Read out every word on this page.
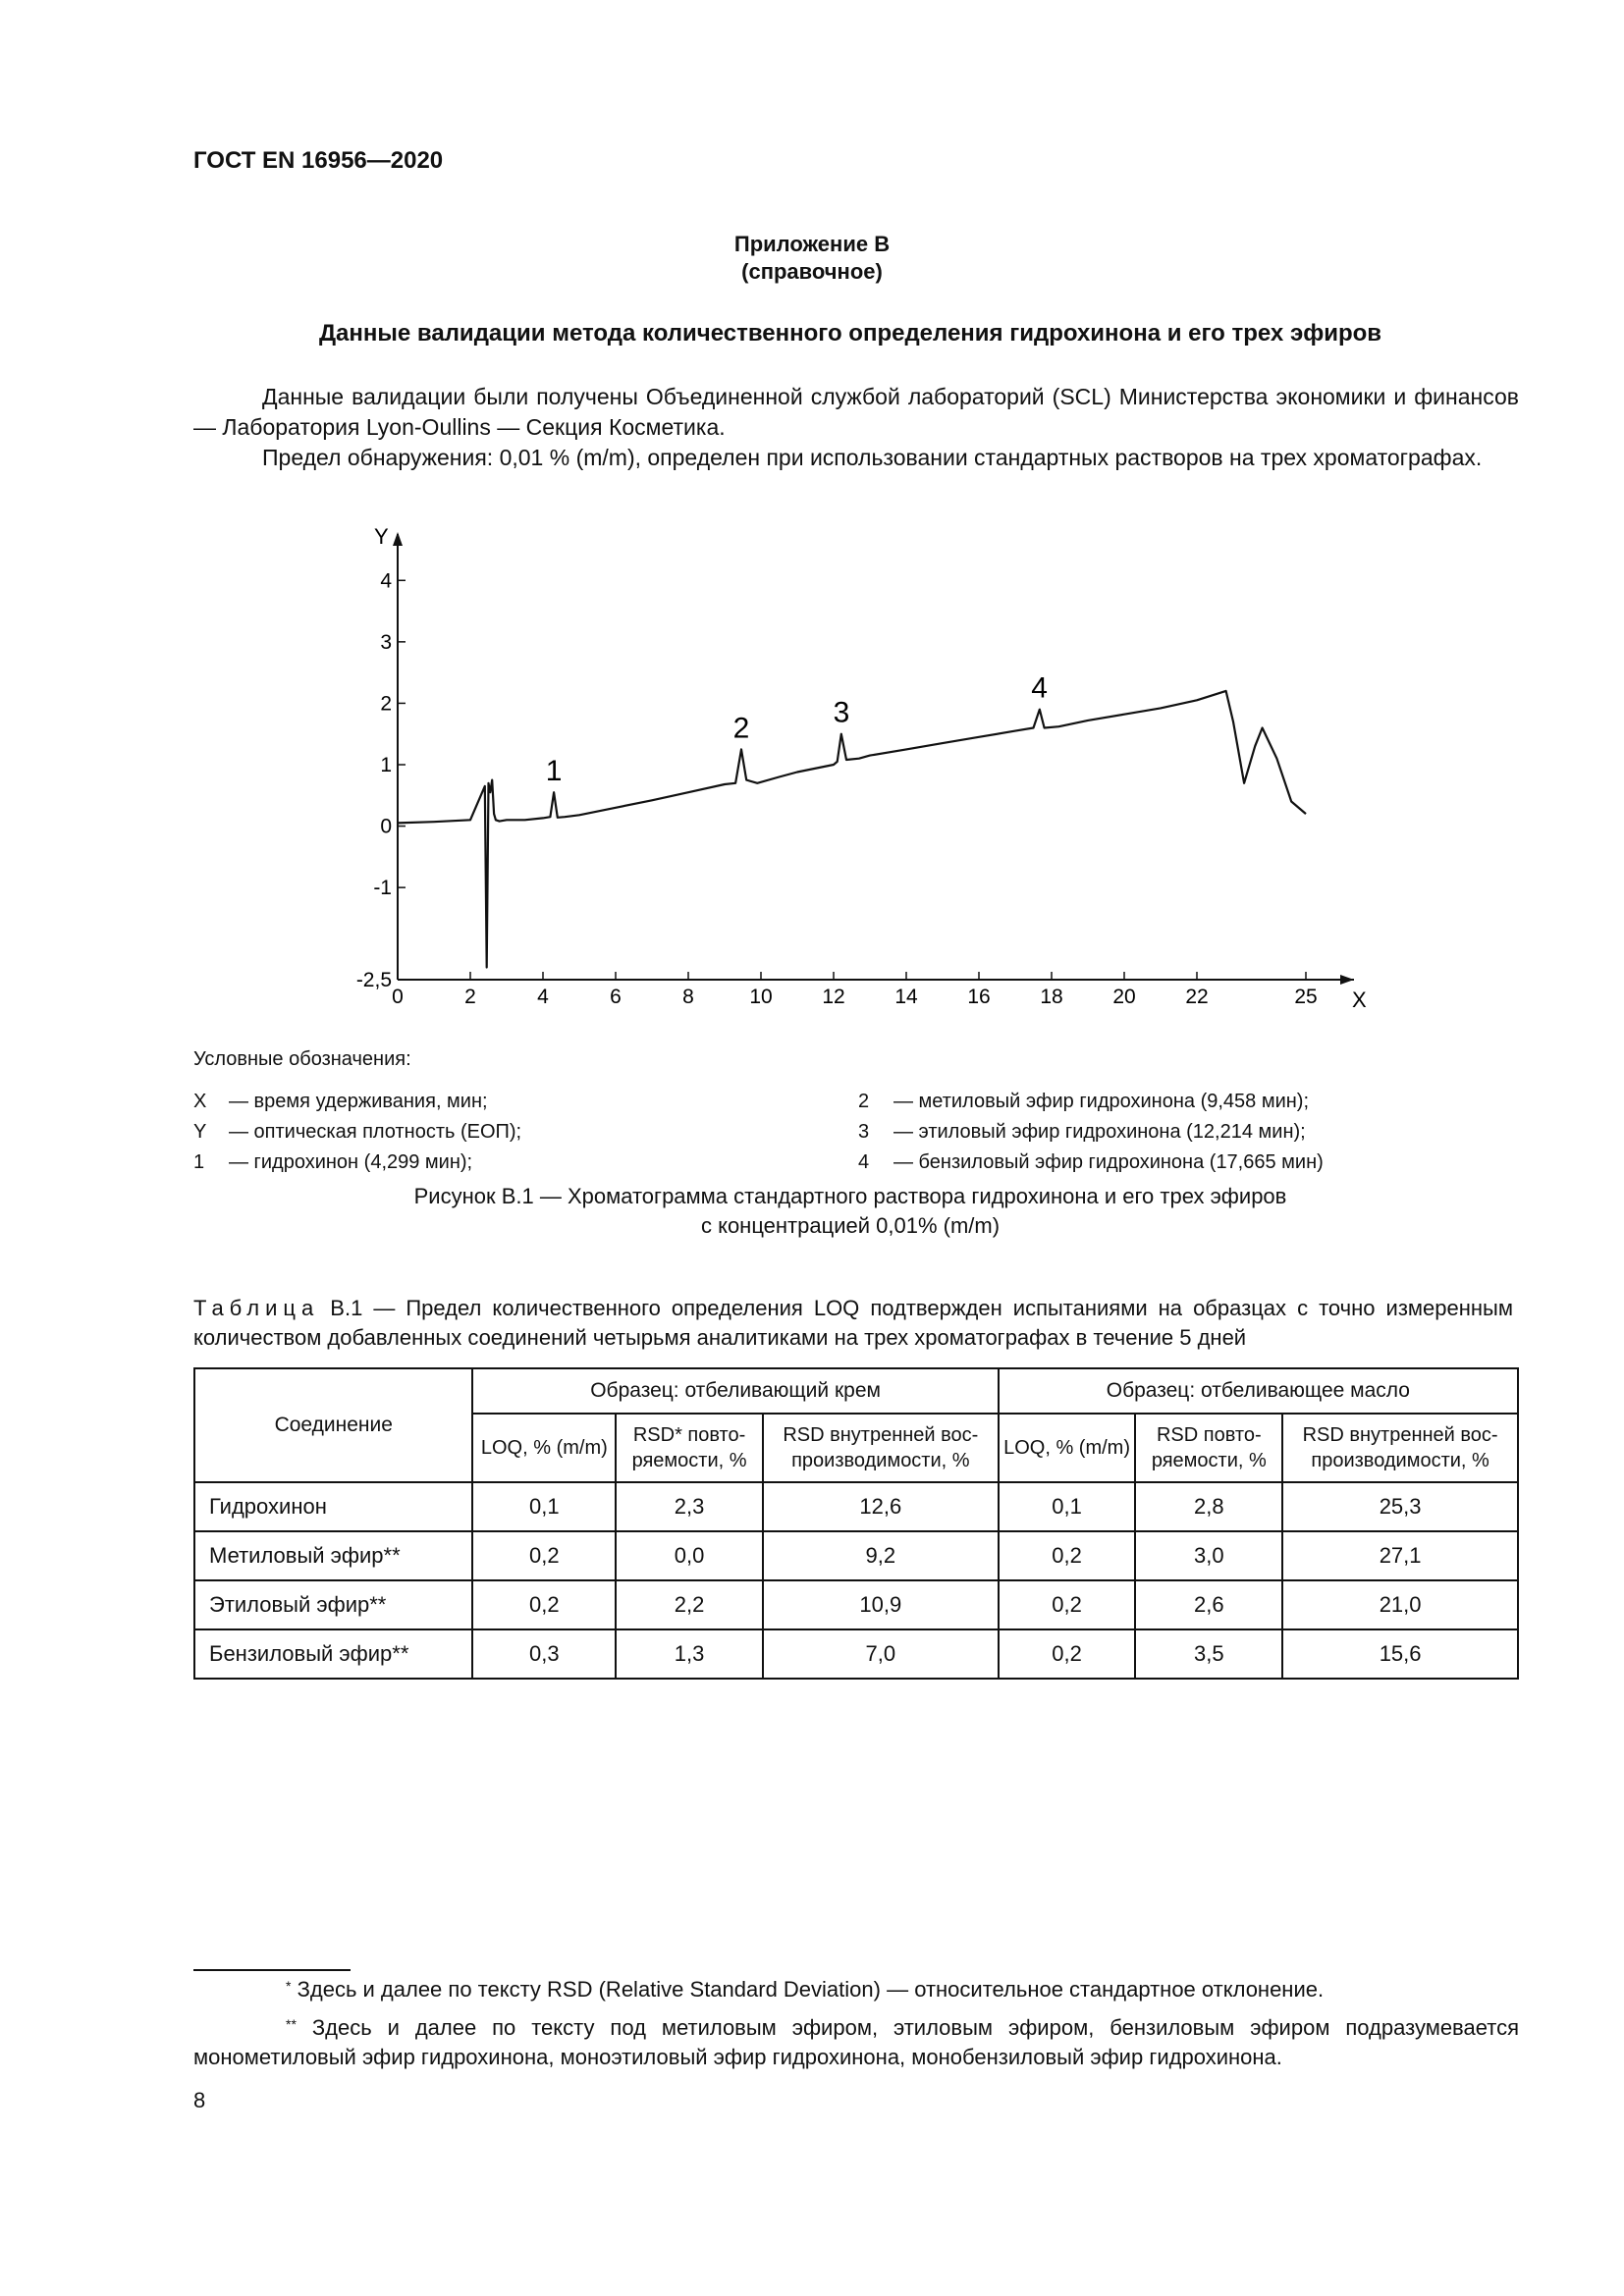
ГОСТ EN 16956—2020
Приложение В
(справочное)
Данные валидации метода количественного определения гидрохинона и его трех эфиров
Данные валидации были получены Объединенной службой лабораторий (SCL) Министерства экономики и финансов — Лаборатория Lyon-Oullins — Секция Косметика.
Предел обнаружения: 0,01 % (m/m), определен при использовании стандартных растворов на трех хроматографах.
X
Y
0	2	4	6	8	10 12 14 16 18 20 22	25
4
3
2
1
0
-1
-2,5
1
2	3
4
Условные обозначения:
X — время удерживания, мин;
Y — оптическая плотность (ЕОП);
1 — гидрохинон (4,299 мин);
2 — метиловый эфир гидрохинона (9,458 мин);
3 — этиловый эфир гидрохинона (12,214 мин);
4 — бензиловый эфир гидрохинона (17,665 мин)
Рисунок В.1 — Хроматограмма стандартного раствора гидрохинона и его трех эфиров
с концентрацией 0,01% (m/m)
Таблица В.1 — Предел количественного определения LOQ подтвержден испытаниями на образцах с точно измеренным количеством добавленных соединений четырьмя аналитиками на трех хроматографах в течение 5 дней
Соединение	Образец: отбеливающий крем			Образец: отбеливающее масло		
	LOQ, % (m/m)	RSD* повторяемости, %	RSD внутренней воспроизводимости, %	LOQ, % (m/m)	RSD повторяемости, %	RSD внутренней воспроизводимости, %
Гидрохинон	0,1	2,3	12,6	0,1	2,8	25,3
Метиловый эфир**	0,2	0,0	9,2	0,2	3,0	27,1
Этиловый эфир**	0,2	2,2	10,9	0,2	2,6	21,0
Бензиловый эфир**	0,3	1,3	7,0	0,2	3,5	15,6
* Здесь и далее по тексту RSD (Relative Standard Deviation) — относительное стандартное отклонение.
** Здесь и далее по тексту под метиловым эфиром, этиловым эфиром, бензиловым эфиром подразумевается монометиловый эфир гидрохинона, моноэтиловый эфир гидрохинона, монобензиловый эфир гидрохинона.
8
